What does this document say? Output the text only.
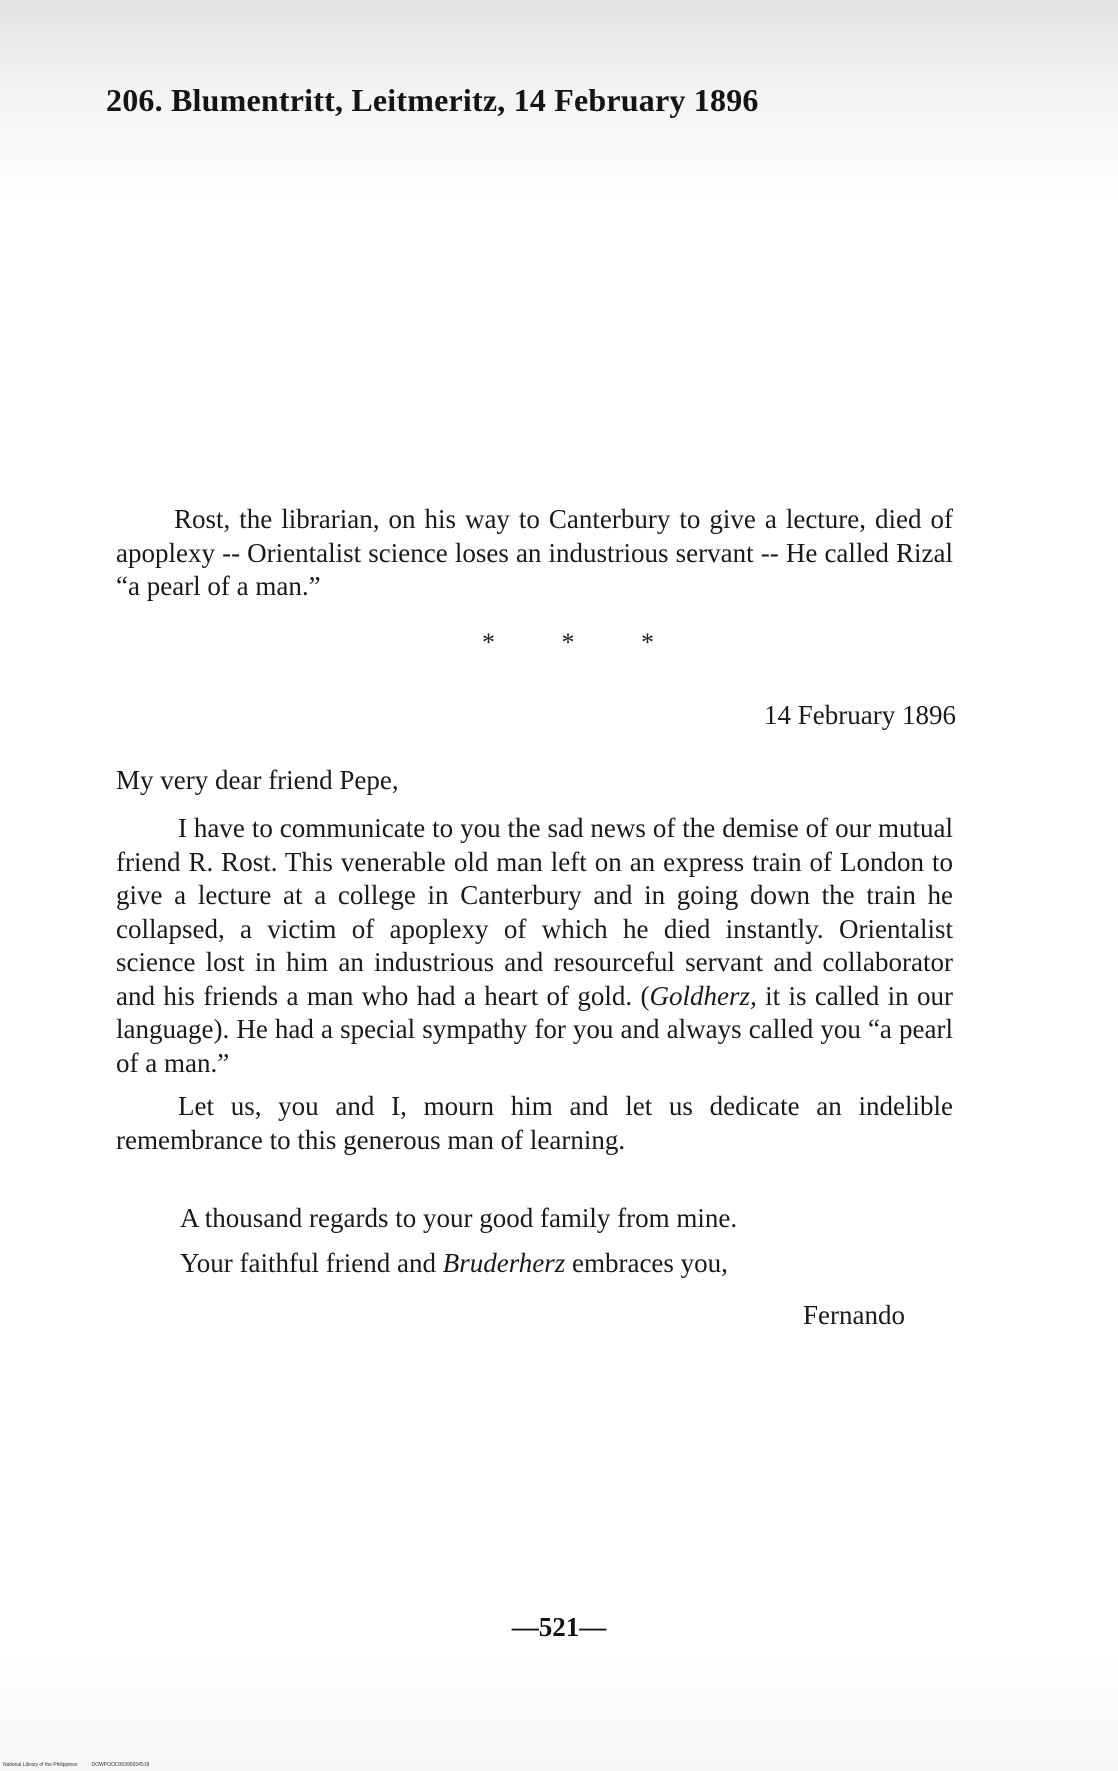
206. Blumentritt, Leitmeritz, 14 February 1896

Rost, the librarian, on his way to Canterbury to give a lecture, died of apoplexy -- Orientalist science loses an industrious servant -- He called Rizal “a pearl of a man.”

* * *
14 February 1896
My very dear friend Pepe,

I have to communicate to you the sad news of the demise of our mutual friend R. Rost. This venerable old man left on an express train of London to give a lecture at a college in Canterbury and in going down the train he collapsed, a victim of apoplexy of which he died instantly. Orientalist science lost in him an industrious and resourceful servant and collaborator and his friends a man who had a heart of gold. (Goldherz, it is called in our language). He had a special sympathy for you and always called you “a pearl of a man.”

Let us, you and I, mourn him and let us dedicate an indelible remembrance to this generous man of learning.

A thousand regards to your good family from mine.
Your faithful friend and Bruderherz embraces you,
Fernando
—521—
National Library of the Philippines	DOWPOOO30395034518
